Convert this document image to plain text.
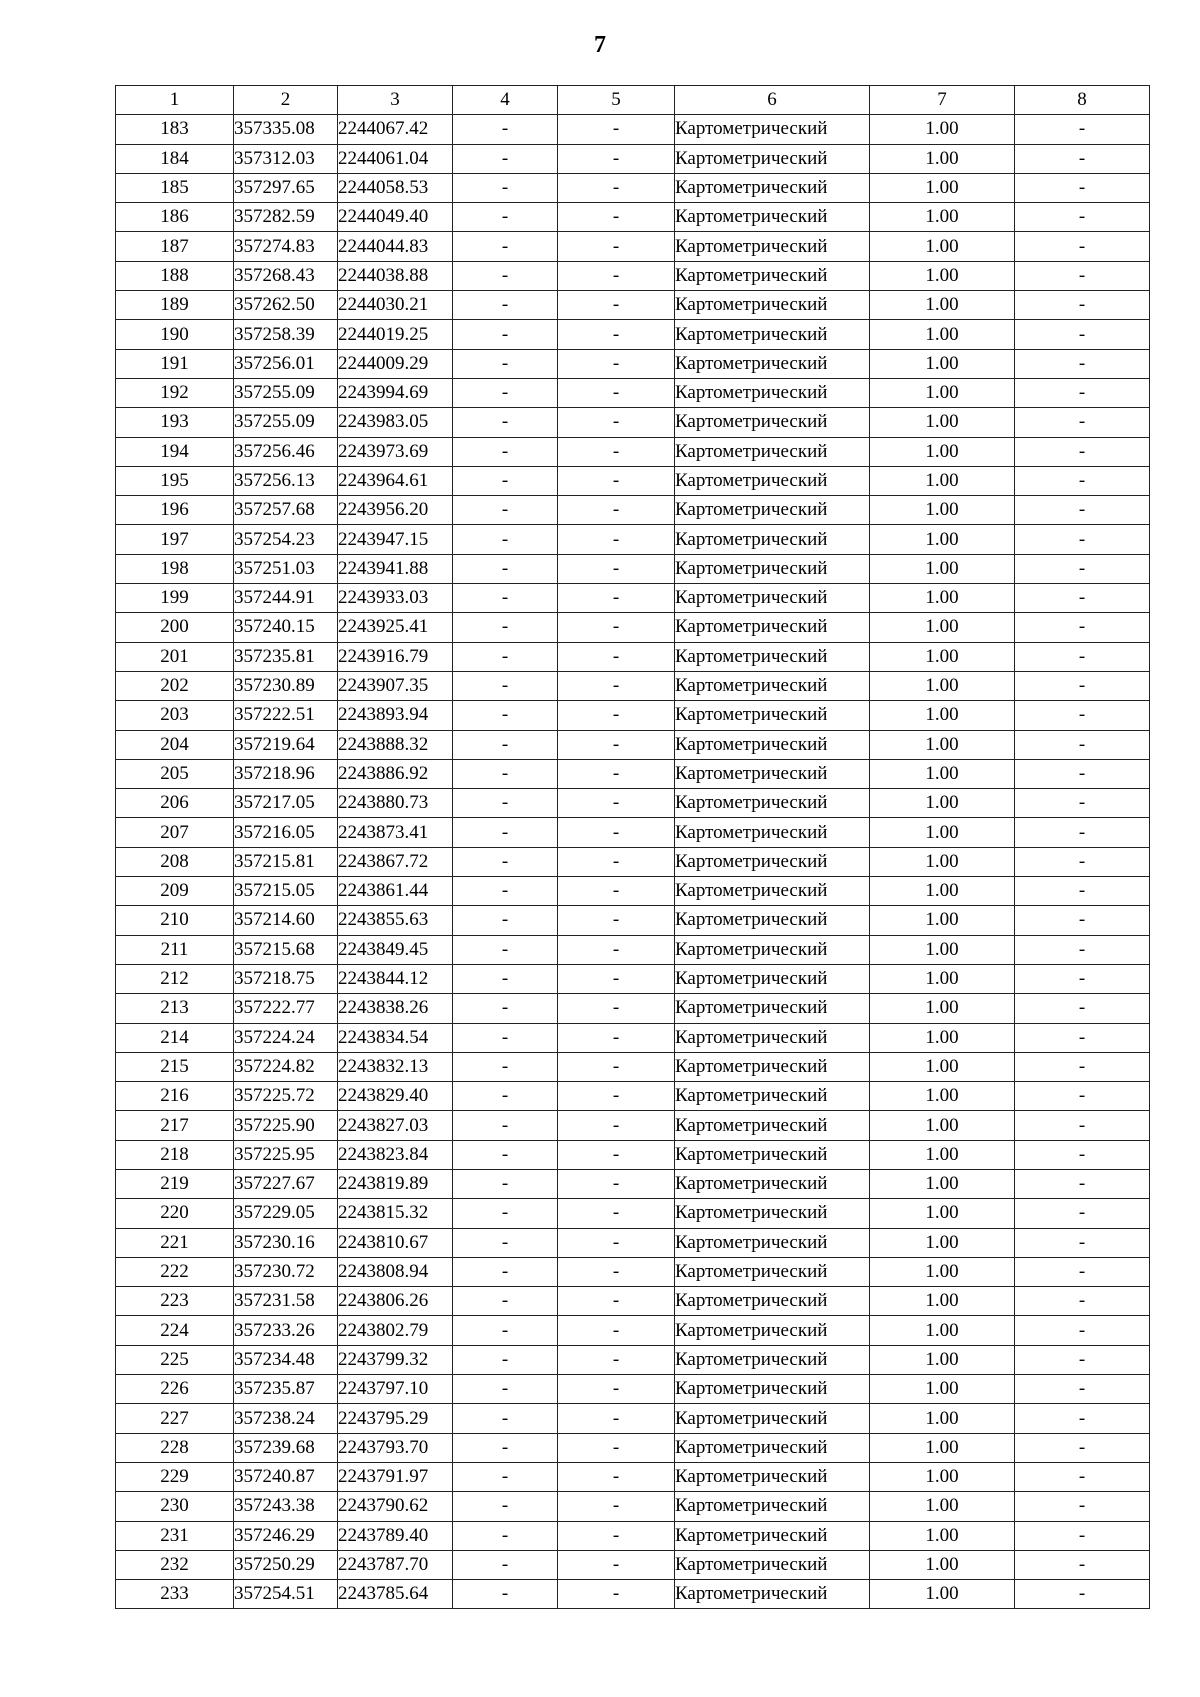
7
1	2	3	4	5	6	7	8
183	357335.08	2244067.42	-	-	Картометрический	1.00	-
184	357312.03	2244061.04	-	-	Картометрический	1.00	-
185	357297.65	2244058.53	-	-	Картометрический	1.00	-
186	357282.59	2244049.40	-	-	Картометрический	1.00	-
187	357274.83	2244044.83	-	-	Картометрический	1.00	-
188	357268.43	2244038.88	-	-	Картометрический	1.00	-
189	357262.50	2244030.21	-	-	Картометрический	1.00	-
190	357258.39	2244019.25	-	-	Картометрический	1.00	-
191	357256.01	2244009.29	-	-	Картометрический	1.00	-
192	357255.09	2243994.69	-	-	Картометрический	1.00	-
193	357255.09	2243983.05	-	-	Картометрический	1.00	-
194	357256.46	2243973.69	-	-	Картометрический	1.00	-
195	357256.13	2243964.61	-	-	Картометрический	1.00	-
196	357257.68	2243956.20	-	-	Картометрический	1.00	-
197	357254.23	2243947.15	-	-	Картометрический	1.00	-
198	357251.03	2243941.88	-	-	Картометрический	1.00	-
199	357244.91	2243933.03	-	-	Картометрический	1.00	-
200	357240.15	2243925.41	-	-	Картометрический	1.00	-
201	357235.81	2243916.79	-	-	Картометрический	1.00	-
202	357230.89	2243907.35	-	-	Картометрический	1.00	-
203	357222.51	2243893.94	-	-	Картометрический	1.00	-
204	357219.64	2243888.32	-	-	Картометрический	1.00	-
205	357218.96	2243886.92	-	-	Картометрический	1.00	-
206	357217.05	2243880.73	-	-	Картометрический	1.00	-
207	357216.05	2243873.41	-	-	Картометрический	1.00	-
208	357215.81	2243867.72	-	-	Картометрический	1.00	-
209	357215.05	2243861.44	-	-	Картометрический	1.00	-
210	357214.60	2243855.63	-	-	Картометрический	1.00	-
211	357215.68	2243849.45	-	-	Картометрический	1.00	-
212	357218.75	2243844.12	-	-	Картометрический	1.00	-
213	357222.77	2243838.26	-	-	Картометрический	1.00	-
214	357224.24	2243834.54	-	-	Картометрический	1.00	-
215	357224.82	2243832.13	-	-	Картометрический	1.00	-
216	357225.72	2243829.40	-	-	Картометрический	1.00	-
217	357225.90	2243827.03	-	-	Картометрический	1.00	-
218	357225.95	2243823.84	-	-	Картометрический	1.00	-
219	357227.67	2243819.89	-	-	Картометрический	1.00	-
220	357229.05	2243815.32	-	-	Картометрический	1.00	-
221	357230.16	2243810.67	-	-	Картометрический	1.00	-
222	357230.72	2243808.94	-	-	Картометрический	1.00	-
223	357231.58	2243806.26	-	-	Картометрический	1.00	-
224	357233.26	2243802.79	-	-	Картометрический	1.00	-
225	357234.48	2243799.32	-	-	Картометрический	1.00	-
226	357235.87	2243797.10	-	-	Картометрический	1.00	-
227	357238.24	2243795.29	-	-	Картометрический	1.00	-
228	357239.68	2243793.70	-	-	Картометрический	1.00	-
229	357240.87	2243791.97	-	-	Картометрический	1.00	-
230	357243.38	2243790.62	-	-	Картометрический	1.00	-
231	357246.29	2243789.40	-	-	Картометрический	1.00	-
232	357250.29	2243787.70	-	-	Картометрический	1.00	-
233	357254.51	2243785.64	-	-	Картометрический	1.00	-
